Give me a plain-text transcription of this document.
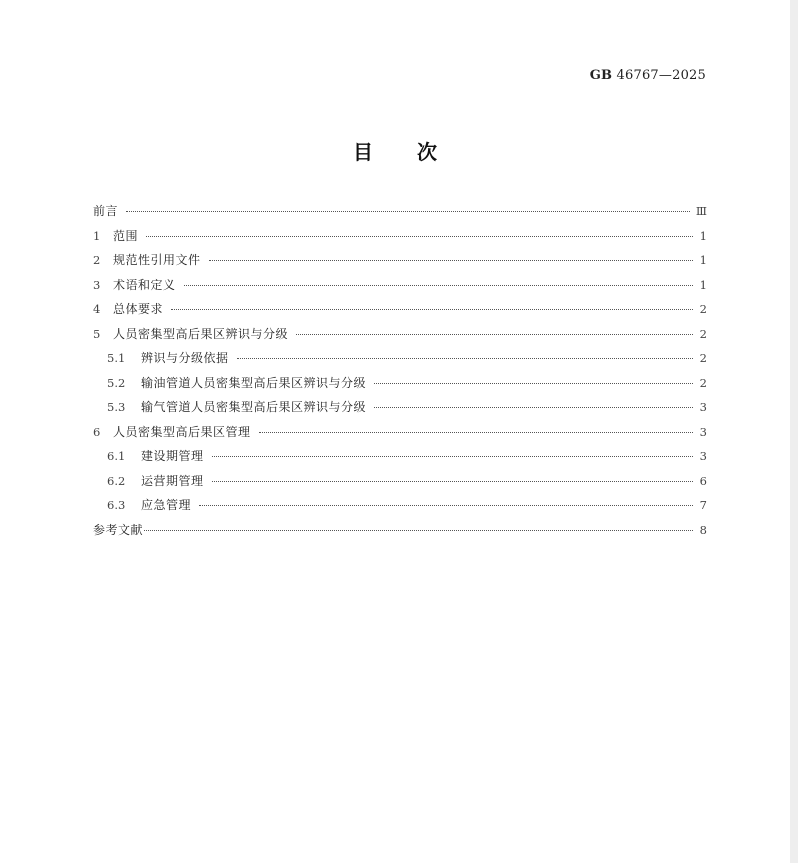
GB 46767—2025
目次
前言	Ⅲ
1	范围	1
2	规范性引用文件	1
3	术语和定义	1
4	总体要求	2
5	人员密集型高后果区辨识与分级	2
5.1	辨识与分级依据	2
5.2	输油管道人员密集型高后果区辨识与分级	2
5.3	输气管道人员密集型高后果区辨识与分级	3
6	人员密集型高后果区管理	3
6.1	建设期管理	3
6.2	运营期管理	6
6.3	应急管理	7
参考文献	8
